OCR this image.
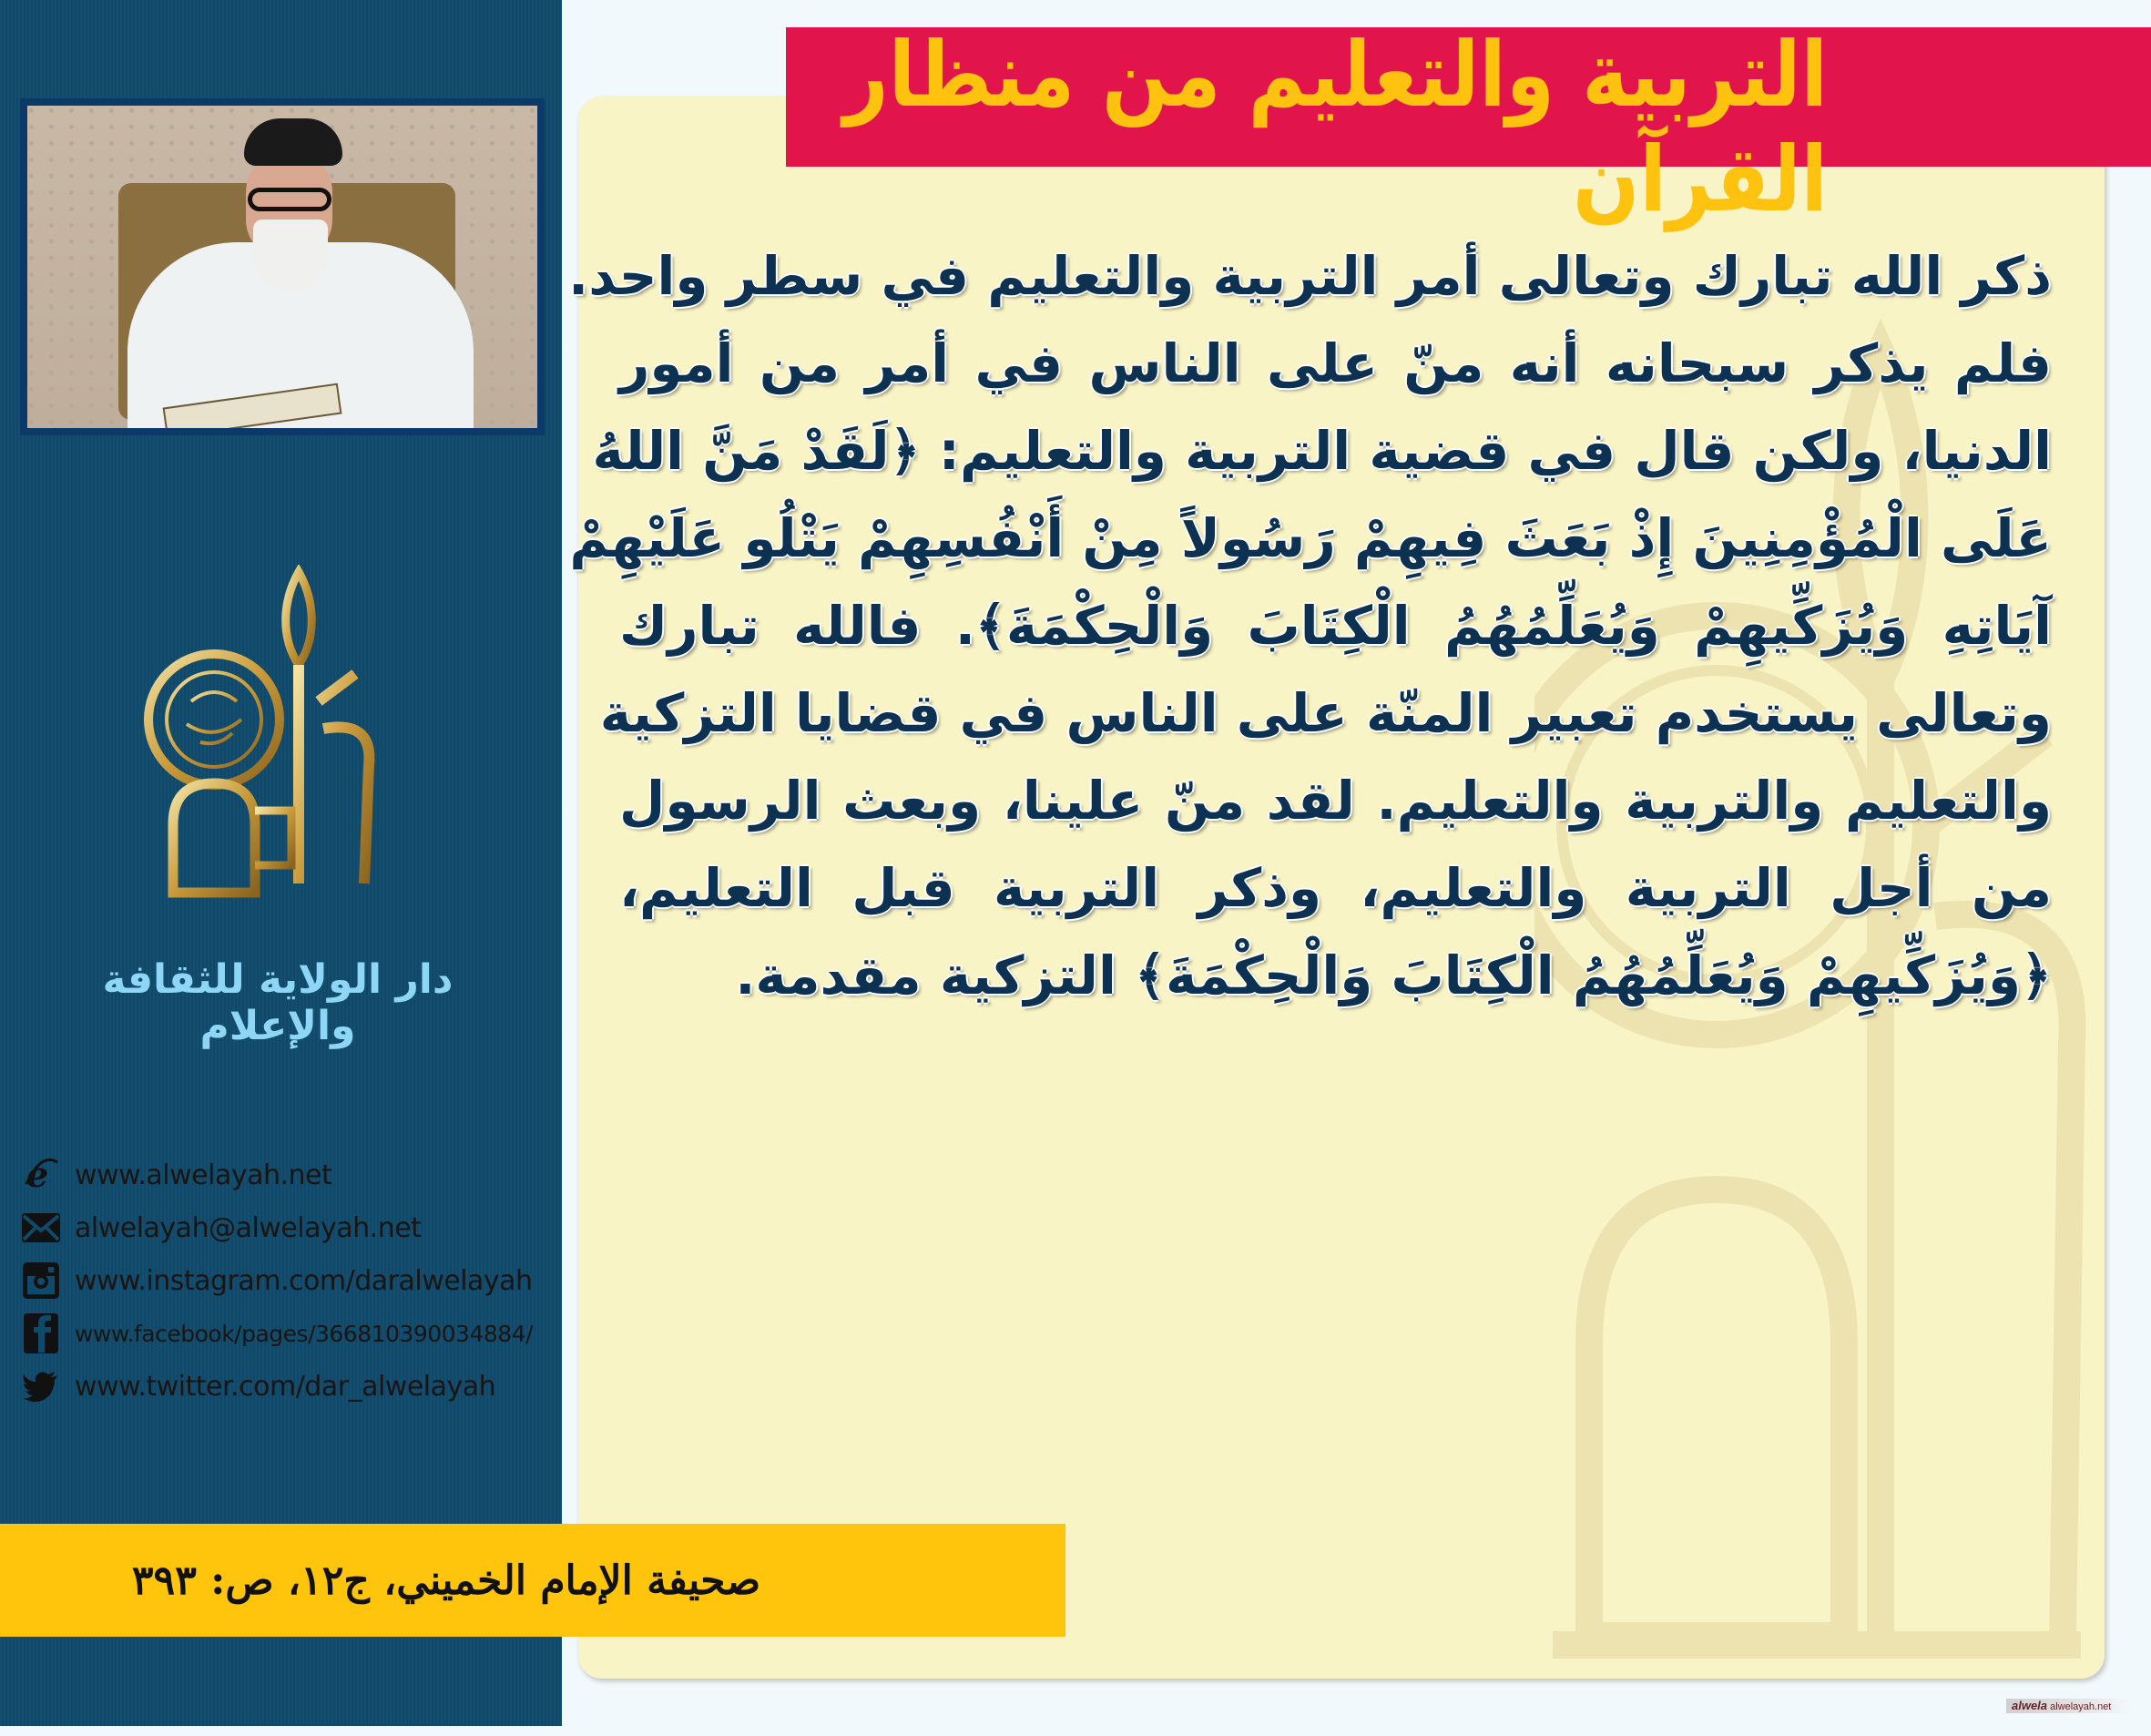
دار الولاية للثقافة والإعلام
e www.alwelayah.net
alwelayah@alwelayah.net
www.instagram.com/daralwelayah
www.facebook/pages/366810390034884/
www.twitter.com/dar_alwelayah
التربية والتعليم من منظار القرآن
ذكر الله تبارك وتعالى أمر التربية والتعليم في سطر واحد.
فلم يذكر سبحانه أنه منّ على الناس في أمر من أمور
الدنيا، ولكن قال في قضية التربية والتعليم: ﴿لَقَدْ مَنَّ اللهُ
عَلَى الْمُؤْمِنِينَ إِذْ بَعَثَ فِيهِمْ رَسُولاً مِنْ أَنْفُسِهِمْ يَتْلُو عَلَيْهِمْ
آيَاتِهِ وَيُزَكِّيهِمْ وَيُعَلِّمُهُمُ الْكِتَابَ وَالْحِكْمَةَ﴾. فالله تبارك
وتعالى يستخدم تعبير المنّة على الناس في قضايا التزكية
والتعليم والتربية والتعليم. لقد منّ علينا، وبعث الرسول
من أجل التربية والتعليم، وذكر التربية قبل التعليم،
﴿وَيُزَكِّيهِمْ وَيُعَلِّمُهُمُ الْكِتَابَ وَالْحِكْمَةَ﴾ التزكية مقدمة.
صحيفة الإمام الخميني، ج١٢، ص: ٣٩٣
alwela alwelayah.net
